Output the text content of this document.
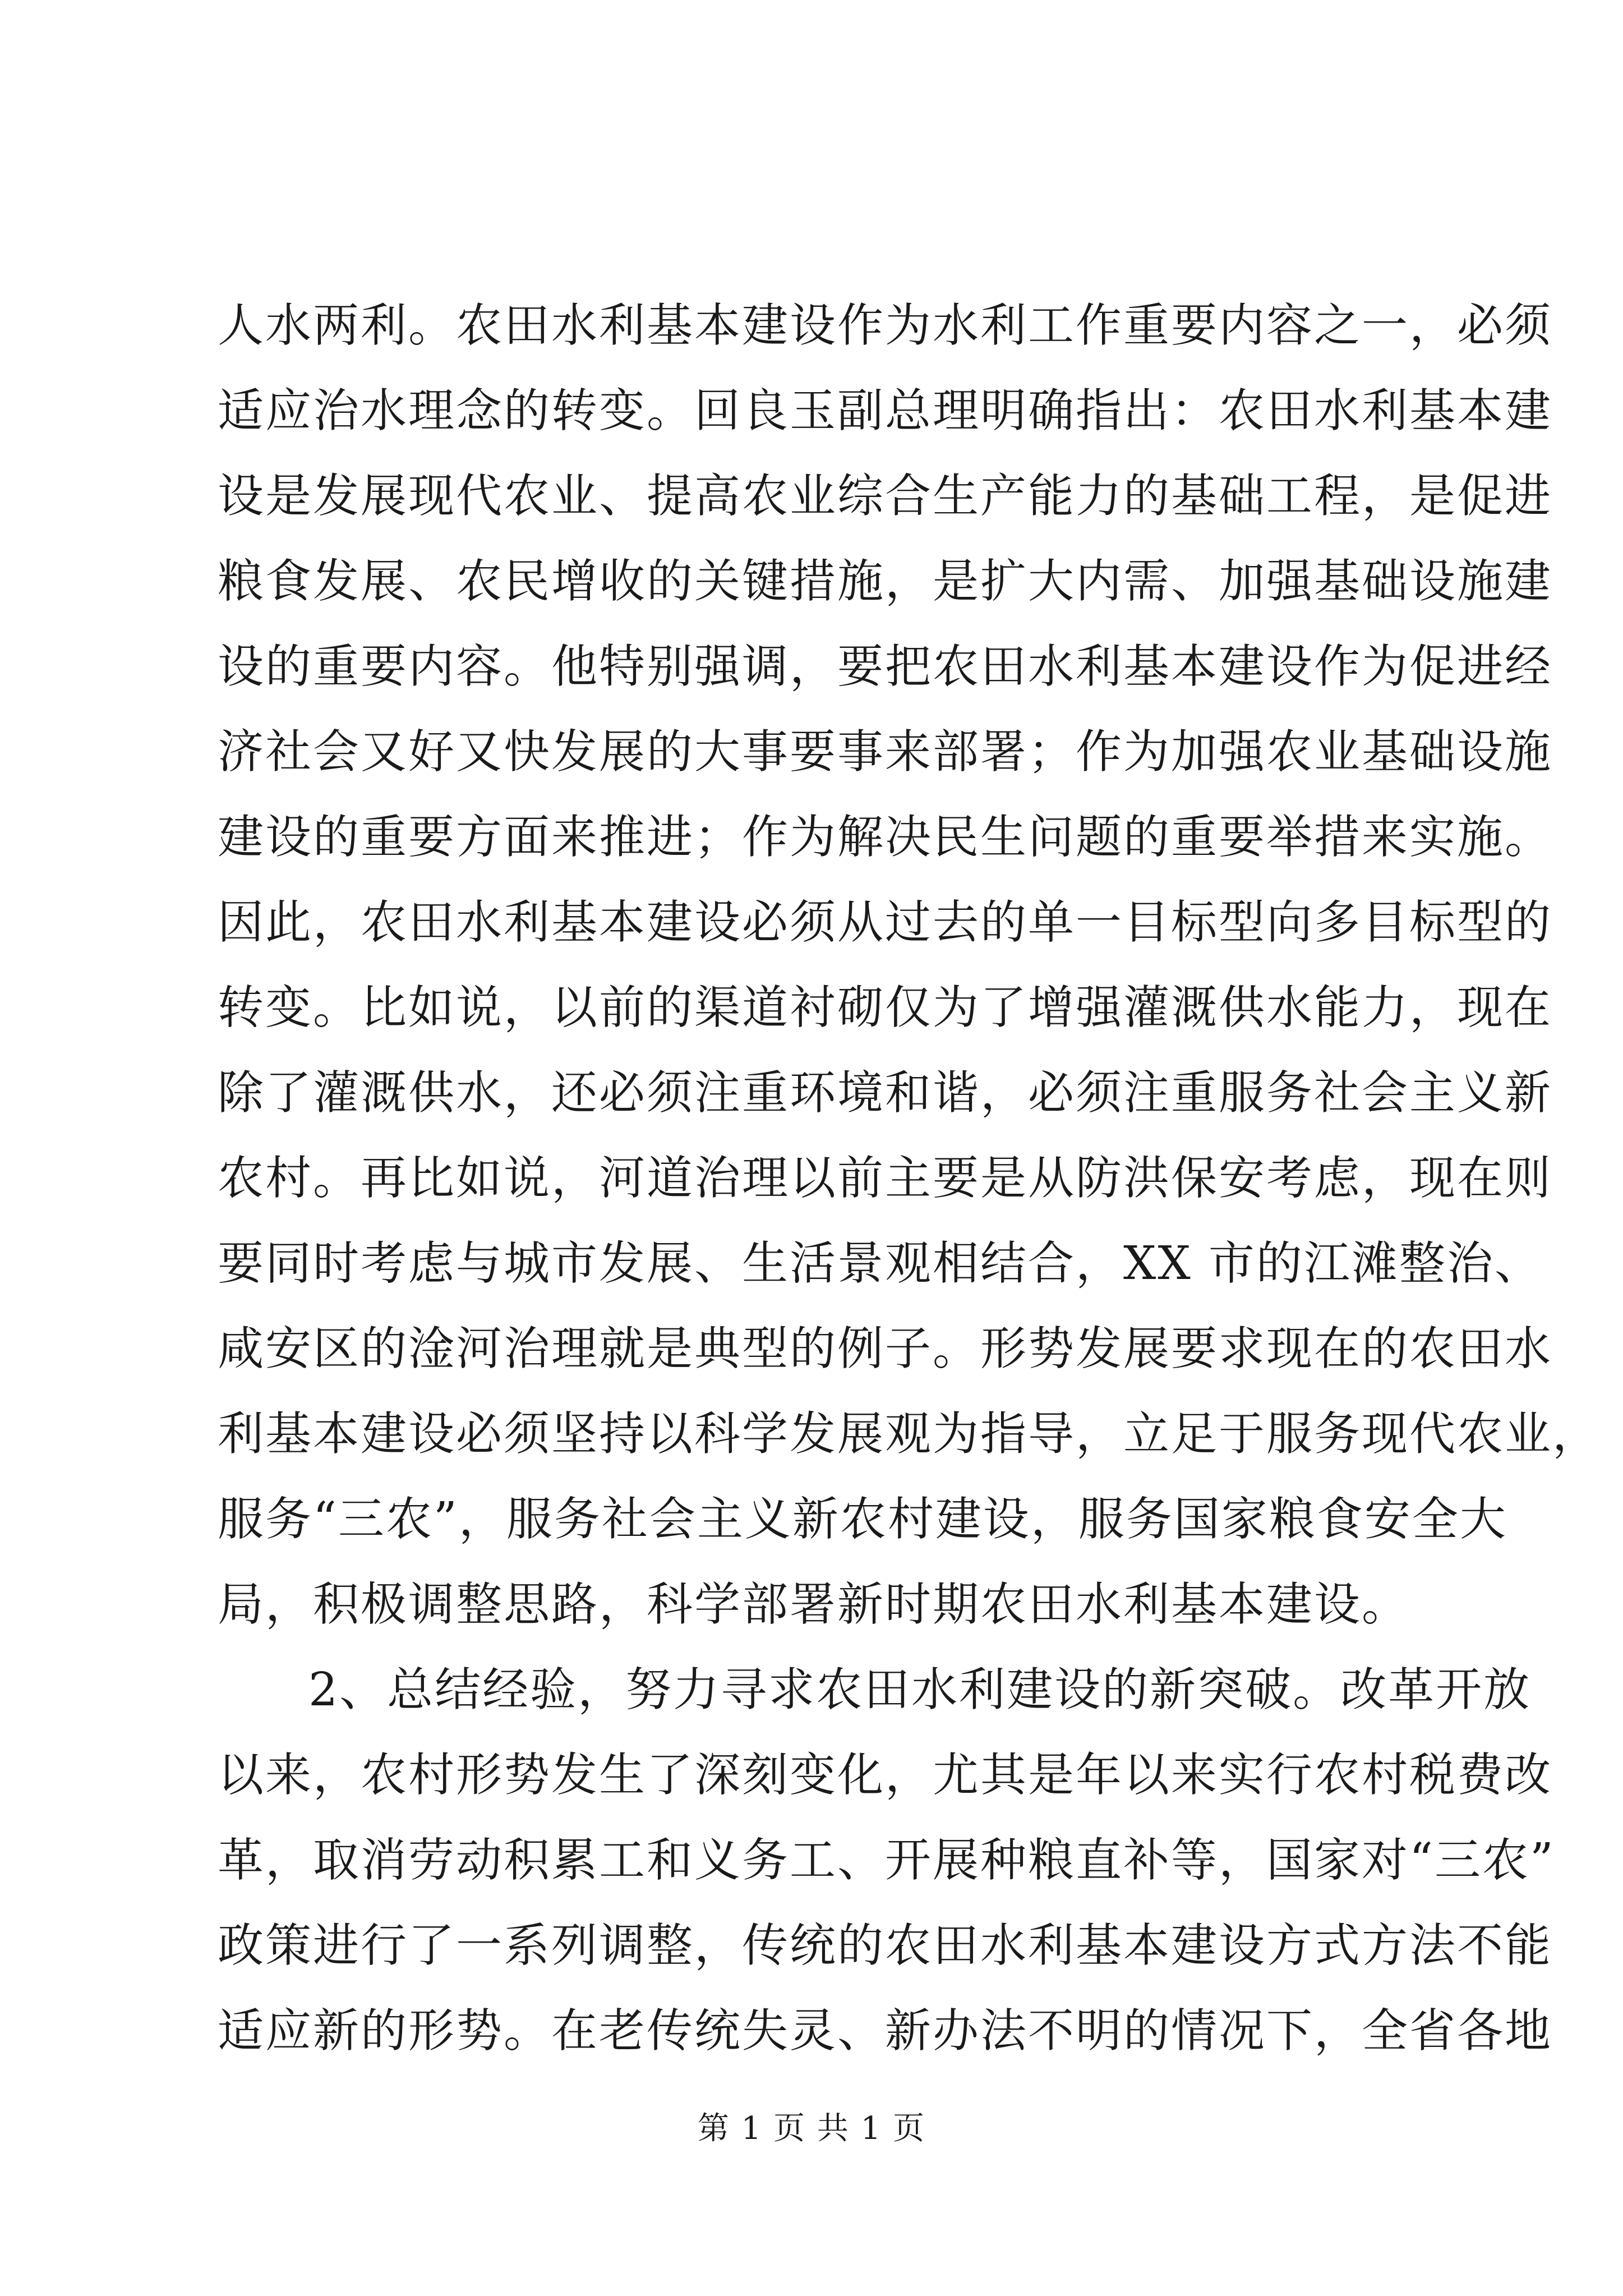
人水两利。农田水利基本建设作为水利工作重要内容之一，必须
适应治水理念的转变。回良玉副总理明确指出：农田水利基本建
设是发展现代农业、提高农业综合生产能力的基础工程，是促进
粮食发展、农民增收的关键措施，是扩大内需、加强基础设施建
设的重要内容。他特别强调，要把农田水利基本建设作为促进经
济社会又好又快发展的大事要事来部署；作为加强农业基础设施
建设的重要方面来推进；作为解决民生问题的重要举措来实施。
因此，农田水利基本建设必须从过去的单一目标型向多目标型的
转变。比如说，以前的渠道衬砌仅为了增强灌溉供水能力，现在
除了灌溉供水，还必须注重环境和谐，必须注重服务社会主义新
农村。再比如说，河道治理以前主要是从防洪保安考虑，现在则
要同时考虑与城市发展、生活景观相结合，XX 市的江滩整治、
咸安区的淦河治理就是典型的例子。形势发展要求现在的农田水
利基本建设必须坚持以科学发展观为指导，立足于服务现代农业，
服务“三农”，服务社会主义新农村建设，服务国家粮食安全大
局，积极调整思路，科学部署新时期农田水利基本建设。
2、总结经验，努力寻求农田水利建设的新突破。改革开放
以来，农村形势发生了深刻变化，尤其是年以来实行农村税费改
革，取消劳动积累工和义务工、开展种粮直补等，国家对“三农”
政策进行了一系列调整，传统的农田水利基本建设方式方法不能
适应新的形势。在老传统失灵、新办法不明的情况下，全省各地
第 1 页 共 1 页
